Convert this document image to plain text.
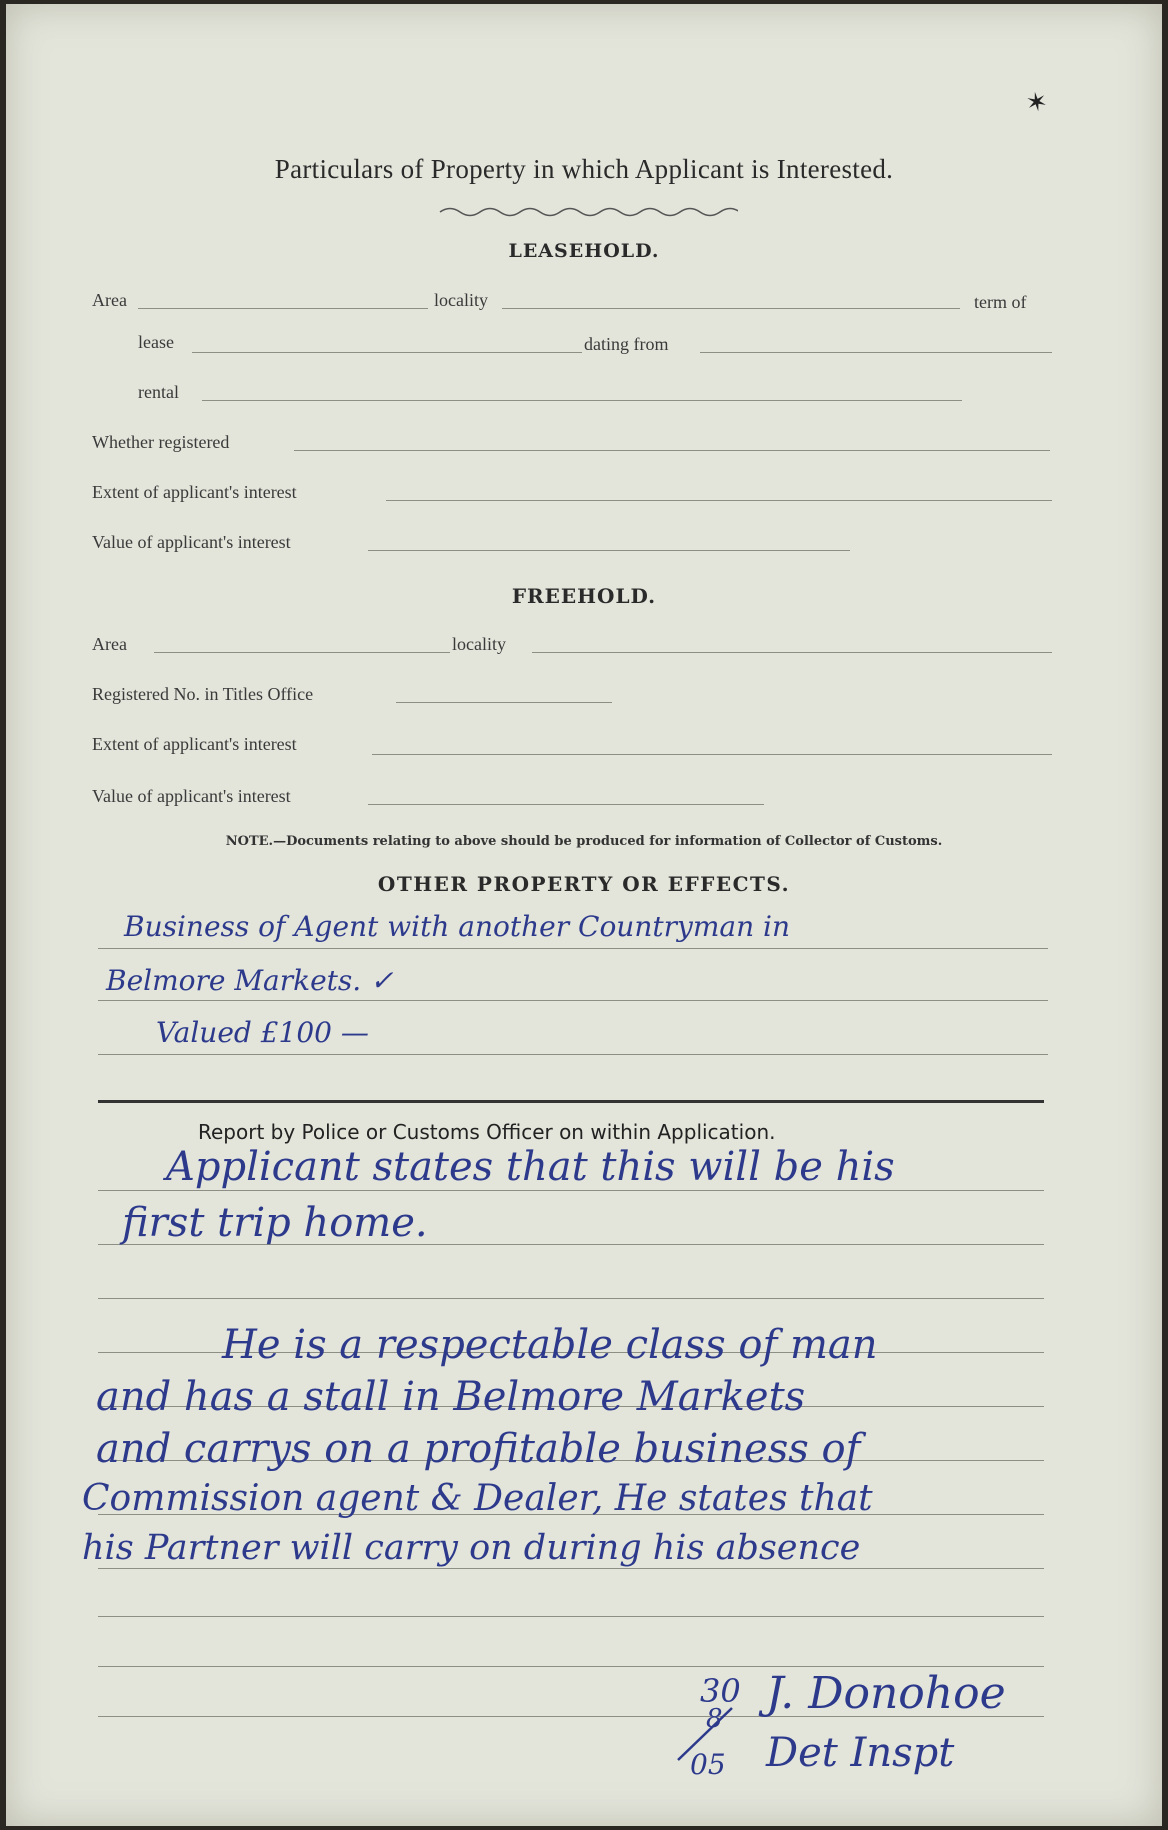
✶
Particulars of Property in which Applicant is Interested.
LEASEHOLD.
Area	locality	term of
lease	dating from
rental
Whether registered
Extent of applicant's interest
Value of applicant's interest
FREEHOLD.
Area	locality
Registered No. in Titles Office
Extent of applicant's interest
Value of applicant's interest
NOTE.—Documents relating to above should be produced for information of Collector of Customs.
OTHER PROPERTY OR EFFECTS.
Business of Agent with another Countryman in
Belmore Markets. ✓
Valued £100 —
Report by Police or Customs Officer on within Application.
Applicant states that this will be his
first trip home.
He is a respectable class of man
and has a stall in Belmore Markets
and carrys on a profitable business of
Commission agent & Dealer, He states that
his Partner will carry on during his absence
30
8
05
J. Donohoe
Det Inspt
